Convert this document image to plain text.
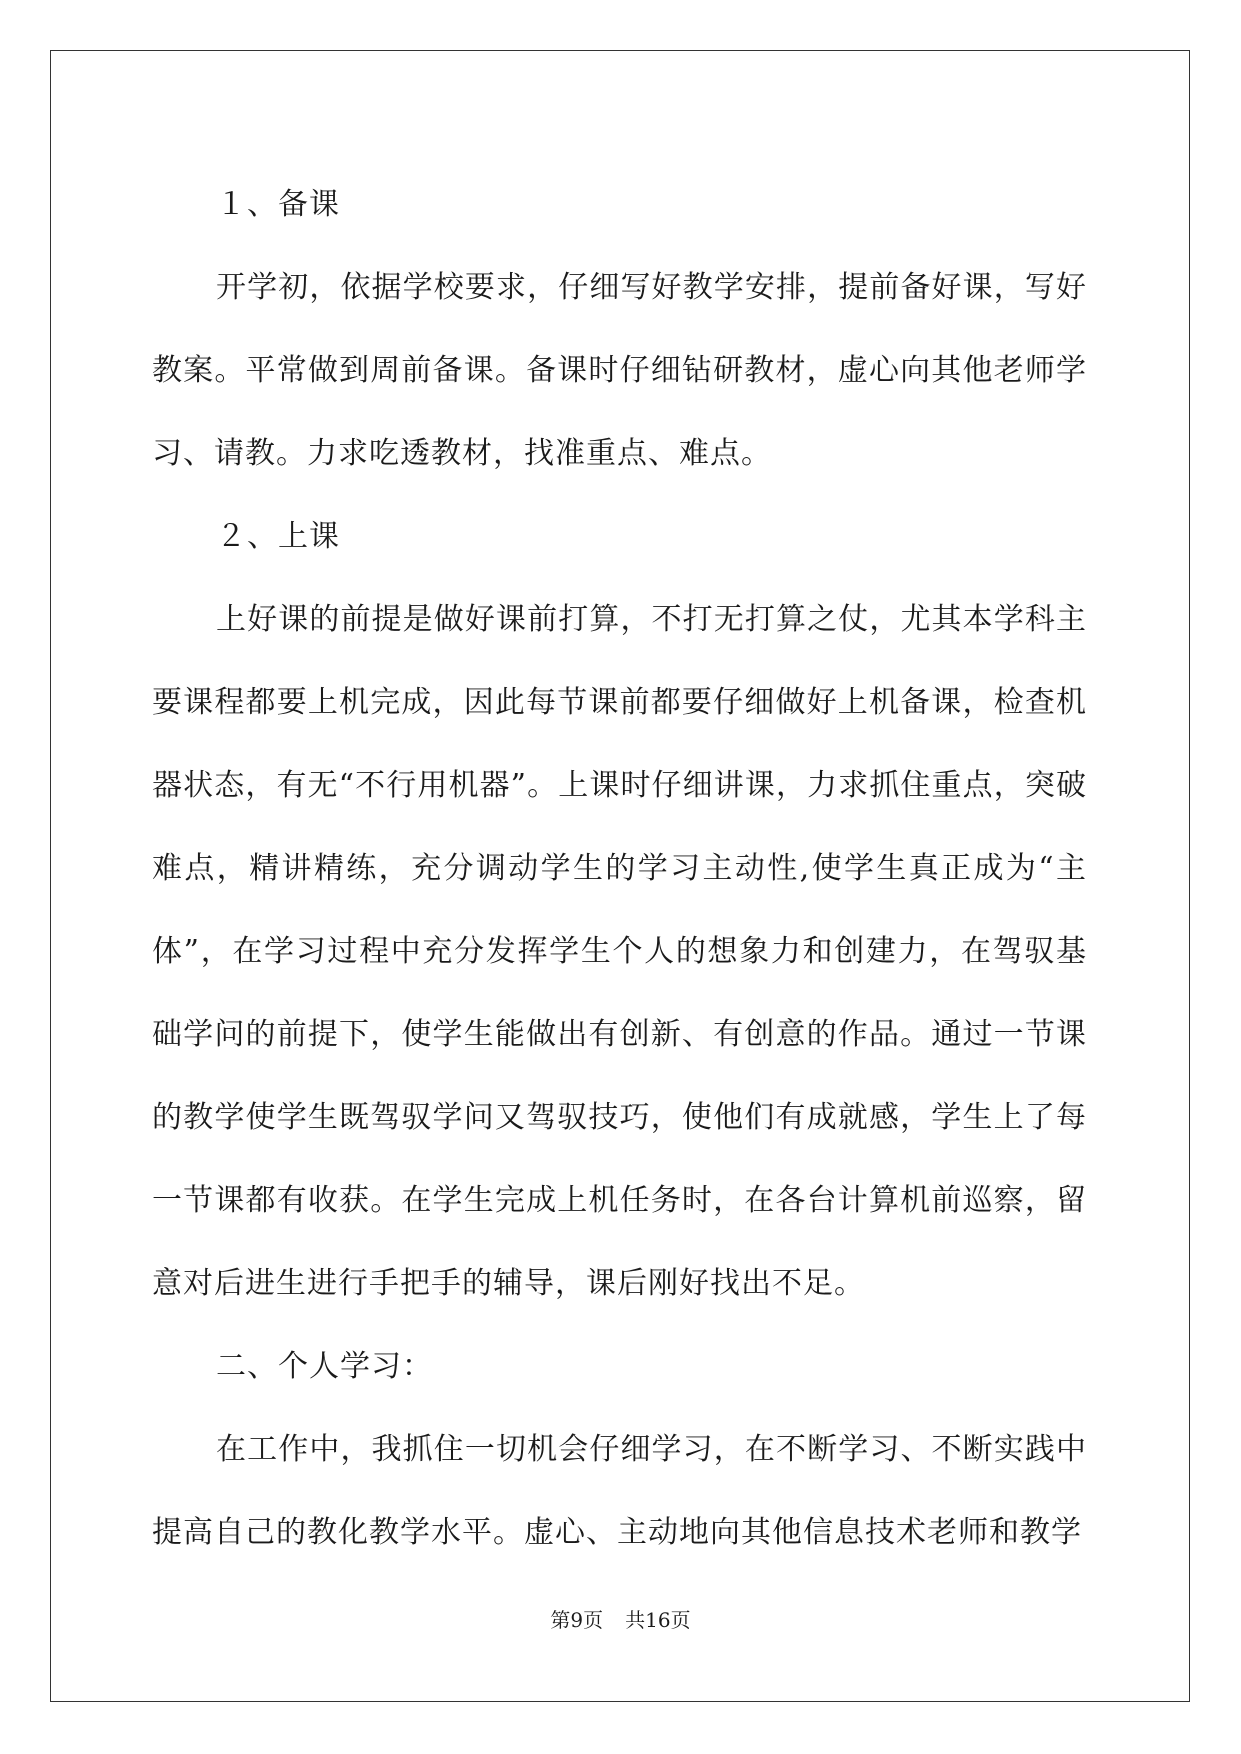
１、备课

开学初，依据学校要求，仔细写好教学安排，提前备好课，写好教案。平常做到周前备课。备课时仔细钻研教材，虚心向其他老师学习、请教。力求吃透教材，找准重点、难点。

２、上课

上好课的前提是做好课前打算，不打无打算之仗，尤其本学科主要课程都要上机完成，因此每节课前都要仔细做好上机备课，检查机器状态，有无“不行用机器”。上课时仔细讲课，力求抓住重点，突破难点，精讲精练，充分调动学生的学习主动性,使学生真正成为“主体”，在学习过程中充分发挥学生个人的想象力和创建力，在驾驭基础学问的前提下，使学生能做出有创新、有创意的作品。通过一节课的教学使学生既驾驭学问又驾驭技巧，使他们有成就感，学生上了每一节课都有收获。在学生完成上机任务时，在各台计算机前巡察，留意对后进生进行手把手的辅导，课后刚好找出不足。

二、个人学习：

在工作中，我抓住一切机会仔细学习，在不断学习、不断实践中提高自己的教化教学水平。虚心、主动地向其他信息技术老师和教学

第9页 共16页
